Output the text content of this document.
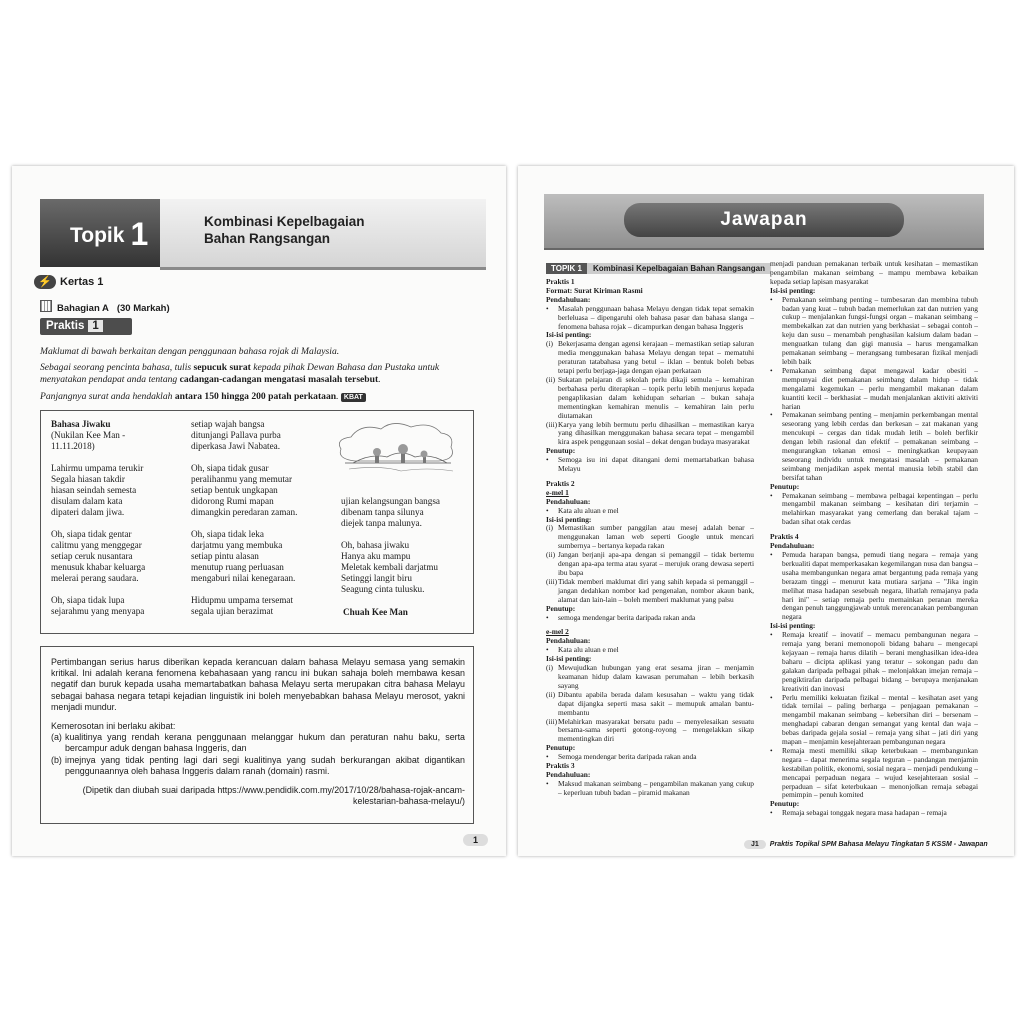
Topik 1	Kombinasi Kepelbagaian
Bahan Rangsangan
⚡ Kertas 1
Bahagian A (30 Markah)
Praktis 1
Maklumat di bawah berkaitan dengan penggunaan bahasa rojak di Malaysia.
Sebagai seorang pencinta bahasa, tulis sepucuk surat kepada pihak Dewan Bahasa dan Pustaka untuk menyatakan pendapat anda tentang cadangan-cadangan mengatasi masalah tersebut.
Panjangnya surat anda hendaklah antara 150 hingga 200 patah perkataan. KBAT
Bahasa Jiwaku
(Nukilan Kee Man -
11.11.2018)

Lahirmu umpama terukir
Segala hiasan takdir
hiasan seindah semesta
disulam dalam kata
dipateri dalam jiwa.

Oh, siapa tidak gentar
calitmu yang menggegar
setiap ceruk nusantara
menusuk khabar keluarga
melerai perang saudara.

Oh, siapa tidak lupa
sejarahmu yang menyapa

setiap wajah bangsa
ditunjangi Pallava purba
diperkasa Jawi Nabatea.

Oh, siapa tidak gusar
peralihanmu yang memutar
setiap bentuk ungkapan
didorong Rumi mapan
dimangkin peredaran zaman.

Oh, siapa tidak leka
darjatmu yang membuka
setiap pintu alasan
menutup ruang perluasan
mengaburi nilai kenegaraan.

Hidupmu umpama tersemat
segala ujian berazimat

ujian kelangsungan bangsa
dibenam tanpa silunya
diejek tanpa malunya.

Oh, bahasa jiwaku
Hanya aku mampu
Meletak kembali darjatmu
Setinggi langit biru
Seagung cinta tulusku.

Chuah Kee Man

Pertimbangan serius harus diberikan kepada kerancuan dalam bahasa Melayu semasa yang semakin kritikal. Ini adalah kerana fenomena kebahasaan yang rancu ini bukan sahaja boleh membawa kesan negatif dan buruk kepada usaha memartabatkan bahasa Melayu serta merupakan citra bahasa Melayu sebagai bahasa negara tetapi kejadian linguistik ini boleh menyebabkan bahasa Melayu merosot, yakni menjadi mundur.

Kemerosotan ini berlaku akibat:
(a) kualitinya yang rendah kerana penggunaan melanggar hukum dan peraturan nahu baku, serta bercampur aduk dengan bahasa Inggeris, dan
(b) imejnya yang tidak penting lagi dari segi kualitinya yang sudah berkurangan akibat digantikan penggunaannya oleh bahasa Inggeris dalam ranah (domain) rasmi.
(Dipetik dan diubah suai daripada https://www.pendidik.com.my/2017/10/28/bahasa-rojak-ancam-kelestarian-bahasa-melayu/)
1
Jawapan
TOPIK 1 Kombinasi Kepelbagaian Bahan Rangsangan
Praktis 1
Format: Surat Kiriman Rasmi
Pendahuluan:
•	Masalah penggunaan bahasa Melayu dengan tidak tepat semakin berleluasa – dipengaruhi oleh bahasa pasar dan bahasa slanga – fenomena bahasa rojak – dicampurkan dengan bahasa Inggeris
Isi-isi penting:
(i) Bekerjasama dengan agensi kerajaan – memastikan setiap saluran media menggunakan bahasa Melayu dengan tepat – mematuhi peraturan tatabahasa yang betul – iklan – bentuk boleh bebas tetapi perlu berjaga-jaga dengan ejaan perkataan
(ii) Sukatan pelajaran di sekolah perlu dikaji semula – kemahiran berbahasa perlu diterapkan – topik perlu lebih menjurus kepada pengaplikasian dalam kehidupan seharian – bukan sahaja mementingkan kemahiran menulis – kemahiran lain perlu diutamakan
(iii) Karya yang lebih bermutu perlu dihasilkan – memastikan karya yang dihasilkan menggunakan bahasa secara tepat – mengambil kira aspek penggunaan sosial – dekat dengan budaya masyarakat
Penutup:
•	Semoga isu ini dapat ditangani demi memartabatkan bahasa Melayu
Praktis 2
e-mel 1
Pendahuluan:
•	Kata alu aluan e mel
Isi-isi penting:
(i) Memastikan sumber panggilan atau mesej adalah benar – menggunakan laman web seperti Google untuk mencari sumbernya – bertanya kepada rakan
(ii) Jangan berjanji apa-apa dengan si pemanggil – tidak bertemu dengan apa-apa terma atau syarat – merujuk orang dewasa seperti ibu bapa
(iii) Tidak memberi maklumat diri yang sahih kepada si pemanggil – jangan dedahkan nombor kad pengenalan, nombor akaun bank, alamat dan lain-lain – boleh memberi maklumat yang palsu
Penutup:
•	semoga mendengar berita daripada rakan anda
e-mel 2
Pendahuluan:
•	Kata alu aluan e mel
Isi-isi penting:
(i) Mewujudkan hubungan yang erat sesama jiran – menjamin keamanan hidup dalam kawasan perumahan – lebih berkasih sayang
(ii) Dibantu apabila berada dalam kesusahan – waktu yang tidak dapat dijangka seperti masa sakit – memupuk amalan bantu-membantu
(iii) Melahirkan masyarakat bersatu padu – menyelesaikan sesuatu bersama-sama seperti gotong-royong – mengelakkan sikap mementingkan diri
Penutup:
•	Semoga mendengar berita daripada rakan anda
Praktis 3
Pendahuluan:
•	Maksud makanan seimbang – pengambilan makanan yang cukup – keperluan tubuh badan – piramid makanan
menjadi panduan pemakanan terbaik untuk kesihatan – memastikan pengambilan makanan seimbang – mampu membawa kebaikan kepada setiap lapisan masyarakat
Isi-isi penting:
•	Pemakanan seimbang penting – tumbesaran dan membina tubuh badan yang kuat – tubuh badan memerlukan zat dan nutrien yang cukup – menjalankan fungsi-fungsi organ – makanan seimbang – membekalkan zat dan nutrien yang berkhasiat – sebagai contoh – keju dan susu – menambah penghasilan kalsium dalam badan – menguatkan tulang dan gigi manusia – harus mengamalkan pemakanan seimbang – merangsang tumbesaran fizikal menjadi lebih baik
•	Pemakanan seimbang dapat mengawal kadar obesiti – mempunyai diet pemakanan seimbang dalam hidup – tidak mengalami kegemukan – perlu mengambil makanan dalam kuantiti kecil – berkhasiat – mudah menjalankan aktiviti aktiviti harian
•	Pemakanan seimbang penting – menjamin perkembangan mental seseorang yang lebih cerdas dan berkesan – zat makanan yang mencukupi – cergas dan tidak mudah letih – boleh berfikir dengan lebih rasional dan efektif – pemakanan seimbang – mengurangkan tekanan emosi – meningkatkan keupayaan seseorang individu untuk mengatasi masalah – pemakanan seimbang menjadikan aspek mental manusia lebih stabil dan bersifat tahan
Penutup:
•	Pemakanan seimbang – membawa pelbagai kepentingan – perlu mengambil makanan seimbang – kesihatan diri terjamin – melahirkan masyarakat yang cemerlang dan berakal tajam – badan sihat otak cerdas
Praktis 4
Pendahuluan:
•	Pemuda harapan bangsa, pemudi tiang negara – remaja yang berkualiti dapat memperkasakan kegemilangan nusa dan bangsa – usaha membangunkan negara amat bergantung pada remaja yang berazam tinggi – menurut kata mutiara sarjana – "Jika ingin melihat masa hadapan sesebuah negara, lihatlah remajanya pada hari ini" – setiap remaja perlu memainkan peranan mereka dengan penuh tanggungjawab untuk merencanakan pembangunan negara
Isi-isi penting:
•	Remaja kreatif – inovatif – memacu pembangunan negara – remaja yang berani memonopoli bidang baharu – mengecapi kejayaan – remaja harus dilatih – berani menghasilkan idea-idea baharu – dicipta aplikasi yang teratur – sokongan padu dan galakan daripada pelbagai pihak – melonjakkan imejan remaja – pengiktirafan daripada pelbagai bidang – berupaya menjanakan kreativiti dan inovasi
•	Perlu memiliki kekuatan fizikal – mental – kesihatan aset yang tidak ternilai – paling berharga – penjagaan pemakanan – mengambil makanan seimbang – kebersihan diri – bersenam – menghadapi cabaran dengan semangat yang kental dan waja – bebas daripada gejala sosial – remaja yang sihat – jati diri yang mapan – menjamin kesejahteraan pembangunan negara
•	Remaja mesti memiliki sikap keterbukaan – membangunkan negara – dapat menerima segala teguran – pandangan menjamin kestabilan politik, ekonomi, sosial negara – menjadi pendukung – mencapai perpaduan negara – wujud kesejahteraan sosial – perpaduan – sifat keterbukaan – menonjolkan remaja sebagai pemimpin – penuh komited
Penutup:
•	Remaja sebagai tonggak negara masa hadapan – remaja
J1 Praktis Topikal SPM Bahasa Melayu Tingkatan 5 KSSM - Jawapan
